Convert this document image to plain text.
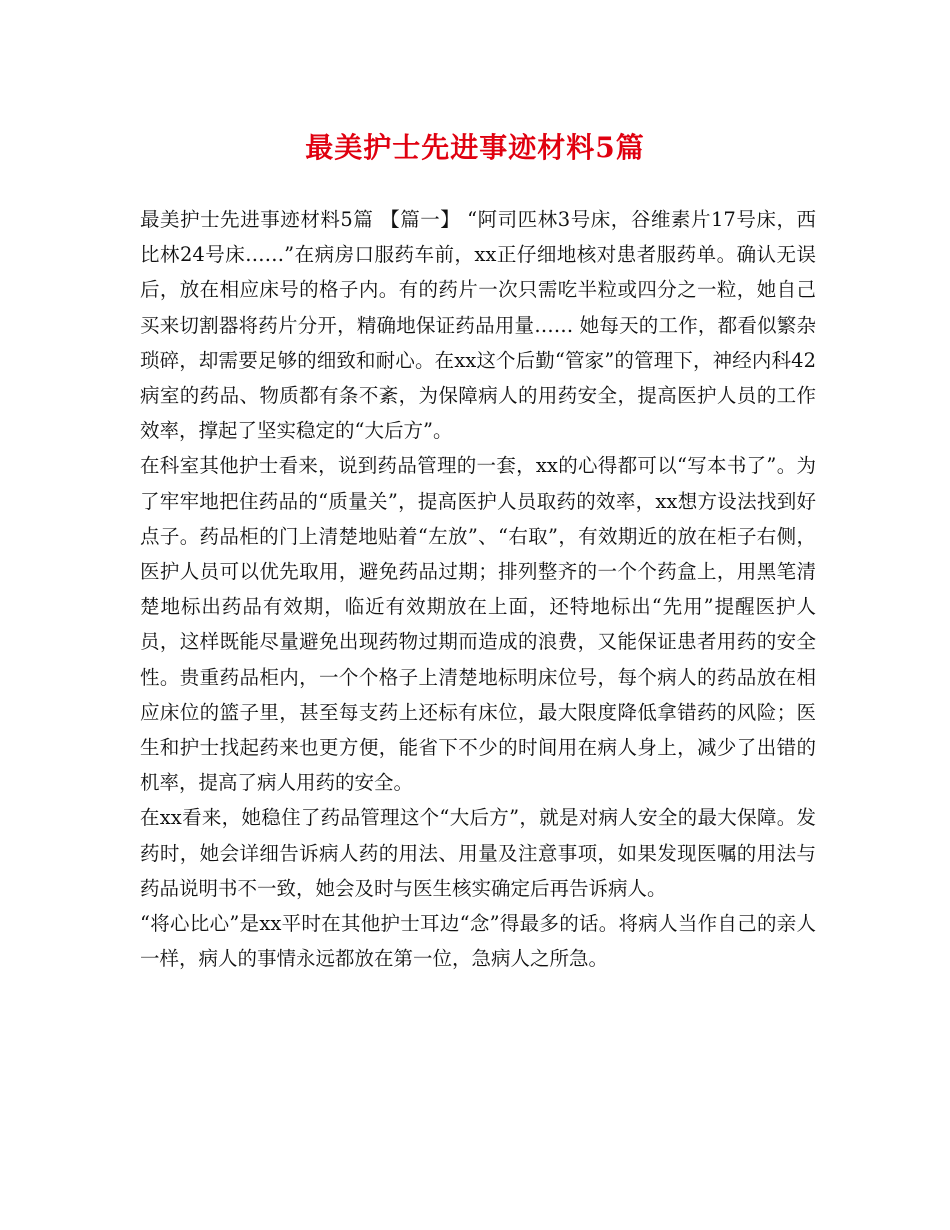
最美护士先进事迹材料5篇

最美护士先进事迹材料5篇 【篇一】 “阿司匹林3号床，谷维素片17号床，西比林24号床……”在病房口服药车前，xx正仔细地核对患者服药单。确认无误后，放在相应床号的格子内。有的药片一次只需吃半粒或四分之一粒，她自己买来切割器将药片分开，精确地保证药品用量…… 她每天的工作，都看似繁杂琐碎，却需要足够的细致和耐心。在xx这个后勤“管家”的管理下，神经内科42病室的药品、物质都有条不紊，为保障病人的用药安全，提高医护人员的工作效率，撑起了坚实稳定的“大后方”。

在科室其他护士看来，说到药品管理的一套，xx的心得都可以“写本书了”。为了牢牢地把住药品的“质量关”，提高医护人员取药的效率，xx想方设法找到好点子。药品柜的门上清楚地贴着“左放”、“右取”，有效期近的放在柜子右侧，医护人员可以优先取用，避免药品过期；排列整齐的一个个药盒上，用黑笔清楚地标出药品有效期，临近有效期放在上面，还特地标出“先用”提醒医护人员，这样既能尽量避免出现药物过期而造成的浪费，又能保证患者用药的安全性。贵重药品柜内，一个个格子上清楚地标明床位号，每个病人的药品放在相应床位的篮子里，甚至每支药上还标有床位，最大限度降低拿错药的风险；医生和护士找起药来也更方便，能省下不少的时间用在病人身上，减少了出错的机率，提高了病人用药的安全。

在xx看来，她稳住了药品管理这个“大后方”，就是对病人安全的最大保障。发药时，她会详细告诉病人药的用法、用量及注意事项，如果发现医嘱的用法与药品说明书不一致，她会及时与医生核实确定后再告诉病人。

“将心比心”是xx平时在其他护士耳边“念”得最多的话。将病人当作自己的亲人一样，病人的事情永远都放在第一位，急病人之所急。
